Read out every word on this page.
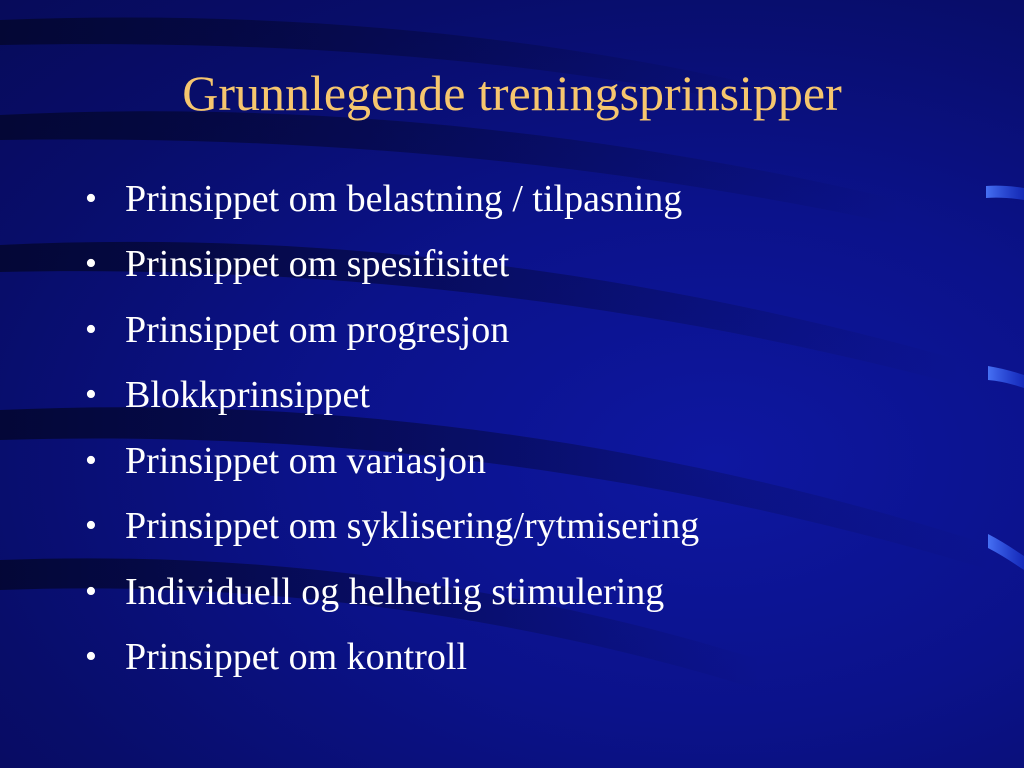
Grunnlegende treningsprinsipper
• Prinsippet om belastning / tilpasning
• Prinsippet om spesifisitet
• Prinsippet om progresjon
• Blokkprinsippet
• Prinsippet om variasjon
• Prinsippet om syklisering/rytmisering
• Individuell og helhetlig stimulering
• Prinsippet om kontroll
